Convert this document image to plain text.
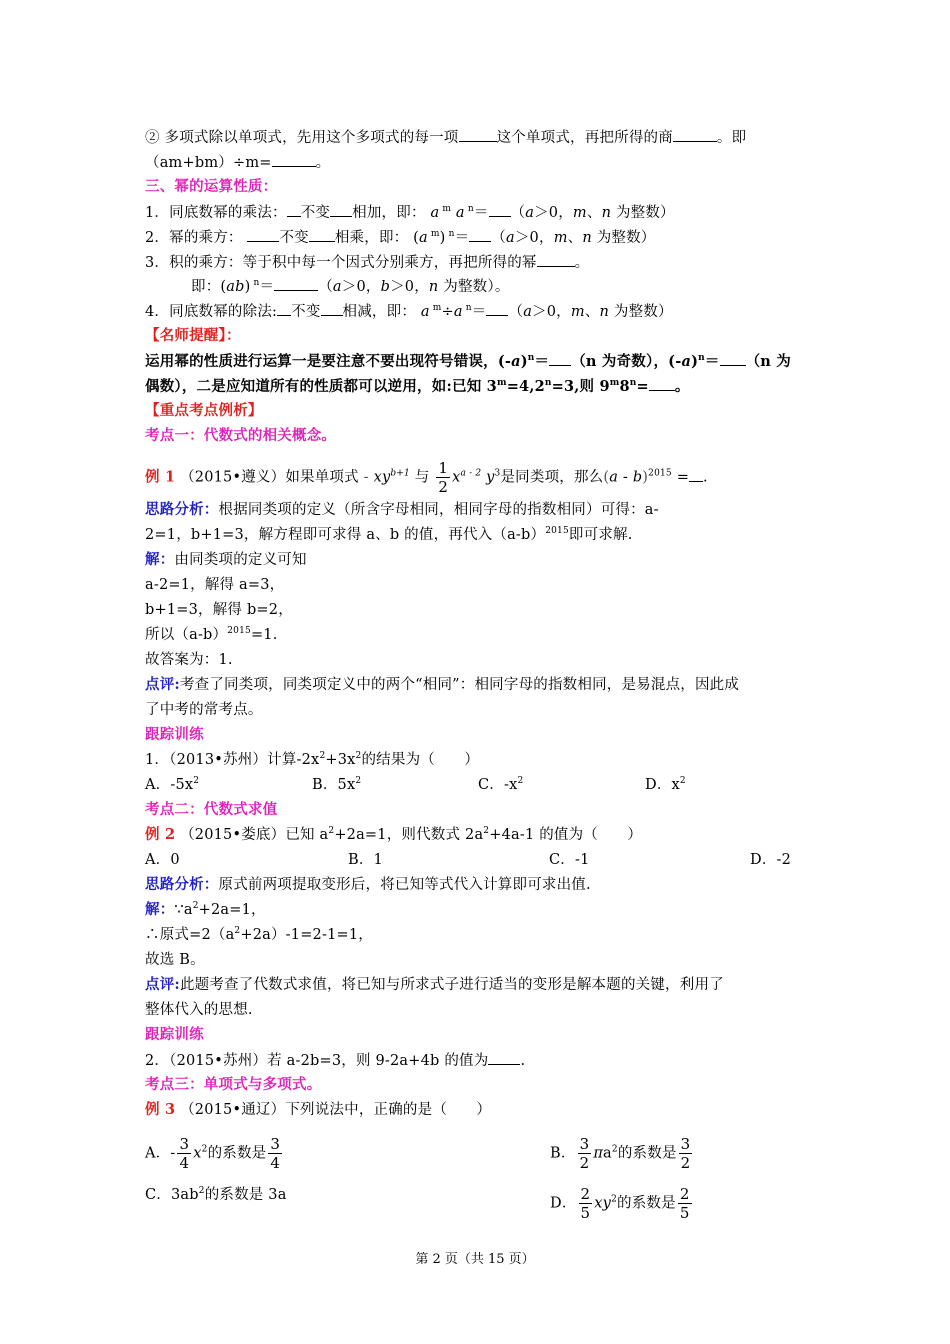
② 多项式除以单项式，先用这个多项式的每一项	这个单项式，再把所得的商	。即
（am+bm）÷m=	。
三、幂的运算性质：
1．同底数幂的乘法： 不变 相加，即： a $^m$ a $^n$＝ （a＞0，m、n 为整数）
2．幂的乘方：	不变 相乘，即： (a $^m$) $^n$＝ （a＞0，m、n 为整数）
3．积的乘方：等于积中每一个因式分别乘方，再把所得的幂	。
即：(ab) $^n$＝	（a＞0，b＞0，n 为整数）。
4．同底数幂的除法: 不变 相减，即： a $^m$÷a $^n$＝ （a＞0，m、n 为整数）
【名师提醒】：
运用幂的性质进行运算一是要注意不要出现符号错误，$(-a)^n= (n$ 为奇数），$(-a)^n= (n$ 为
偶数），二是应知道所有的性质都可以逆用，如:已知 $3^m=4,2^n=3$,则 $9^m8^n=$ 。
【重点考点例析】
考点一：代数式的相关概念。
例 1 （2015•遵义）如果单项式 - $xy^{b+1}$ 与 $\frac{1}{2} x^{a - 2}$ $y^3$是同类项，那么(a - b)$^{2015}$ = .
思路分析：根据同类项的定义（所含字母相同，相同字母的指数相同）可得：a-
2=1，b+1=3，解方程即可求得 a、b 的值，再代入$(a-b)^{2015}$即可求解.
解：由同类项的定义可知
a-2=1，解得 a=3，
b+1=3，解得 b=2，
所以$(a-b)^{2015}=1$.
故答案为：1.
点评:考查了同类项，同类项定义中的两个“相同”：相同字母的指数相同，是易混点，因此成
了中考的常考点。
跟踪训练
1．（2013•苏州）计算$-2x^2+3x^2$的结果为（　　）
A．$-5x^2$	B．$5x^2$	C．$-x^2$	D．$x^2$
考点二：代数式求值
例 2 （2015•娄底）已知 $a^2+2a=1$，则代数式 $2a^2+4a-1$ 的值为（　　）
A．0	B．1	C．-1	D．-2
思路分析：原式前两项提取变形后，将已知等式代入计算即可求出值.
解：$\because a^2+2a=1$，
∴原式$=2(a^2+2a)-1=2-1=1$，
故选 B。
点评:此题考查了代数式求值，将已知与所求式子进行适当的变形是解本题的关键，利用了
整体代入的思想.
跟踪训练
2．（2015•苏州）若 a-2b=3，则 9-2a+4b 的值为 .
考点三：单项式与多项式。
例 3 （2015•通辽）下列说法中，正确的是（　　）
A．- $\frac{3}{4} x^2$的系数是 $\frac{3}{4}$	B． $\frac{3}{2} \pi a^2$的系数是 $\frac{3}{2}$
C．$3ab^2$的系数是 3a
D． $\frac{2}{5} xy^2$的系数是 $\frac{2}{5}$
第 2 页（共 15 页）
